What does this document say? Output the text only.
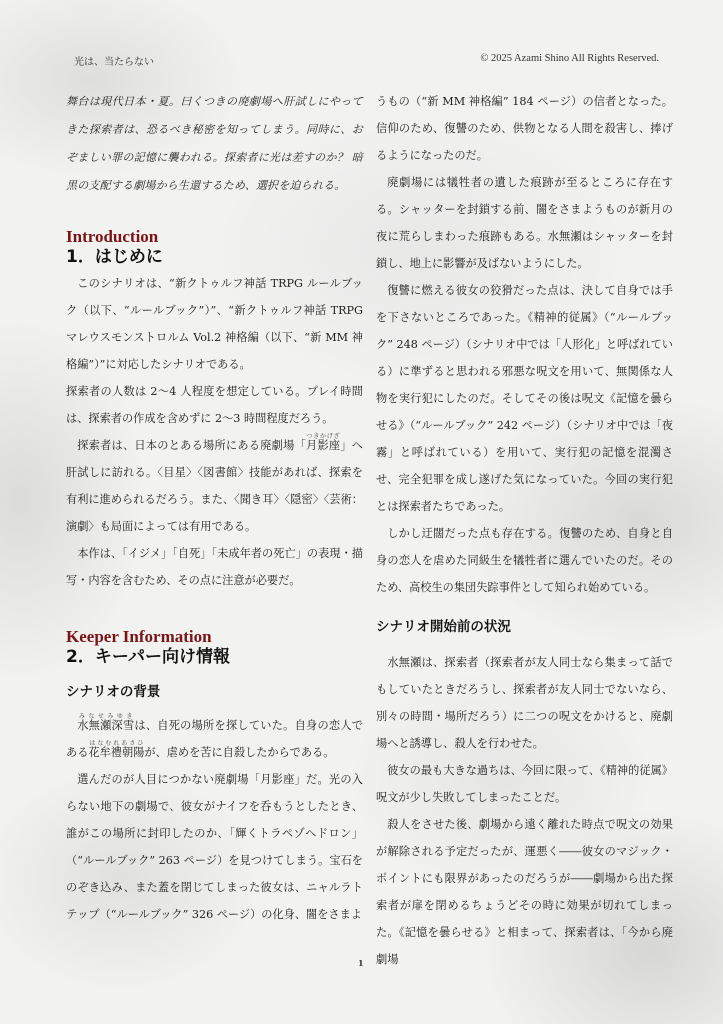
光は、当たらない	© 2025 Azami Shino All Rights Reserved.

舞台は現代日本・夏。曰くつきの廃劇場へ肝試しにやってきた探索者は、恐るべき秘密を知ってしまう。同時に、おぞましい罪の記憶に襲われる。探索者に光は差すのか？ 暗黒の支配する劇場から生還するため、選択を迫られる。

Introduction
1．はじめに

このシナリオは、“新クトゥルフ神話 TRPG ルールブック（以下、“ルールブック”）”、“新クトゥルフ神話 TRPG マレウスモンストロルム Vol.2 神格編（以下、“新 MM 神格編”）”に対応したシナリオである。

探索者の人数は 2〜4 人程度を想定している。プレイ時間は、探索者の作成を含めずに 2〜3 時間程度だろう。

探索者は、日本のとある場所にある廃劇場「月影座つきかげざ」へ肝試しに訪れる。〈目星〉〈図書館〉技能があれば、探索を有利に進められるだろう。また、〈聞き耳〉〈隠密〉〈芸術：演劇〉も局面によっては有用である。

本作は、「イジメ」「自死」「未成年者の死亡」の表現・描写・内容を含むため、その点に注意が必要だ。

Keeper Information
2．キーパー向け情報
シナリオの背景

水無瀬深雪みなせみゆきは、自死の場所を探していた。自身の恋人である花牟禮朝陽はなむれあさひが、虐めを苦に自殺したからである。

選んだのが人目につかない廃劇場「月影座」だ。光の入らない地下の劇場で、彼女がナイフを呑もうとしたとき、誰がこの場所に封印したのか、「輝くトラペゾヘドロン」（“ルールブック” 263 ページ）を見つけてしまう。宝石をのぞき込み、また蓋を閉じてしまった彼女は、ニャルラトテップ（“ルールブック” 326 ページ）の化身、闇をさまよ

うもの（“新 MM 神格編” 184 ページ）の信者となった。信仰のため、復讐のため、供物となる人間を殺害し、捧げるようになったのだ。

廃劇場には犠牲者の遺した痕跡が至るところに存在する。シャッターを封鎖する前、闇をさまようものが新月の夜に荒らしまわった痕跡もある。水無瀬はシャッターを封鎖し、地上に影響が及ばないようにした。

復讐に燃える彼女の狡猾だった点は、決して自身では手を下さないところであった。《精神的従属》（“ルールブック” 248 ページ）（シナリオ中では「人形化」と呼ばれている）に準ずると思われる邪悪な呪文を用いて、無関係な人物を実行犯にしたのだ。そしてその後は呪文《記憶を曇らせる》（“ルールブック” 242 ページ）（シナリオ中では「夜霧」と呼ばれている）を用いて、実行犯の記憶を混濁させ、完全犯罪を成し遂げた気になっていた。今回の実行犯とは探索者たちであった。

しかし迂闊だった点も存在する。復讐のため、自身と自身の恋人を虐めた同級生を犠牲者に選んでいたのだ。そのため、高校生の集団失踪事件として知られ始めている。

シナリオ開始前の状況

水無瀬は、探索者（探索者が友人同士なら集まって話でもしていたときだろうし、探索者が友人同士でないなら、別々の時間・場所だろう）に二つの呪文をかけると、廃劇場へと誘導し、殺人を行わせた。

彼女の最も大きな過ちは、今回に限って、《精神的従属》呪文が少し失敗してしまったことだ。

殺人をさせた後、劇場から遠く離れた時点で呪文の効果が解除される予定だったが、運悪く――彼女のマジック・ポイントにも限界があったのだろうが――劇場から出た探索者が扉を閉めるちょうどその時に効果が切れてしまった。《記憶を曇らせる》と相まって、探索者は、「今から廃劇場

1
